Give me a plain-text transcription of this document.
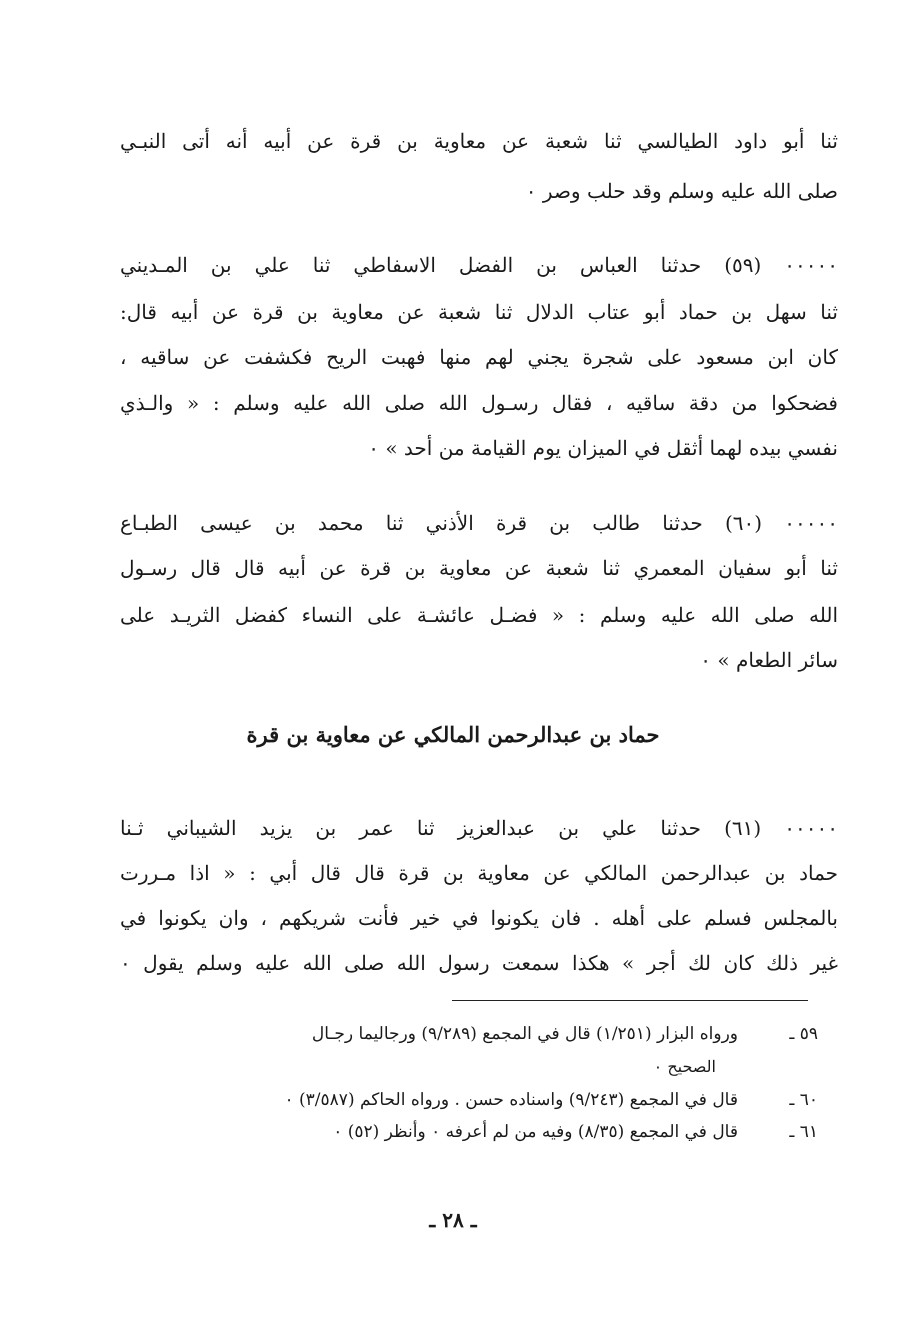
ثنا أبو داود الطيالسي ثنا شعبة عن معاوية بن قرة عن أبيه أنه أتى النبـي
صلى الله عليه وسلم وقد حلب وصر ٠
٠٠٠٠٠ (٥٩) حدثنا العباس بن الفضل الاسفاطي ثنا علي بن المـديني
ثنا سهل بن حماد أبو عتاب الدلال ثنا شعبة عن معاوية بن قرة عن أبيه قال:
كان ابن مسعود على شجرة يجني لهم منها فهبت الريح فكشفت عن ساقيه ،
فضحكوا من دقة ساقيه ، فقال رسـول الله صلى الله عليه وسلم : « والـذي
نفسي بيده لهما أثقل في الميزان يوم القيامة من أحد » ٠
٠٠٠٠٠ (٦٠) حدثنا طالب بن قرة الأذني ثنا محمد بن عيسى الطبـاع
ثنا أبو سفيان المعمري ثنا شعبة عن معاوية بن قرة عن أبيه قال قال رسـول
الله صلى الله عليه وسلم : « فضـل عائشـة على النساء كفضل الثريـد على
سائر الطعام » ٠
حماد بن عبدالرحمن المالكي عن معاوية بن قرة
٠٠٠٠٠ (٦١) حدثنا علي بن عبدالعزيز ثنا عمر بن يزيد الشيباني ثـنا
حماد بن عبدالرحمن المالكي عن معاوية بن قرة قال قال أبي : « اذا مـررت
بالمجلس فسلم على أهله . فان يكونوا في خير فأنت شريكهم ، وان يكونوا في
غير ذلك كان لك أجر » هكذا سمعت رسول الله صلى الله عليه وسلم يقول ٠
٥٩ ـورواه البزار (١/٢٥١) قال في المجمع (٩/٢٨٩) ورجاليما رجـال
الصحيح ٠
٦٠ ـقال في المجمع (٩/٢٤٣) واسناده حسن . ورواه الحاكم (٣/٥٨٧) ٠
٦١ ـقال في المجمع (٨/٣٥) وفيه من لم أعرفه ٠ وأنظر (٥٢) ٠
ـ ٢٨ ـ
